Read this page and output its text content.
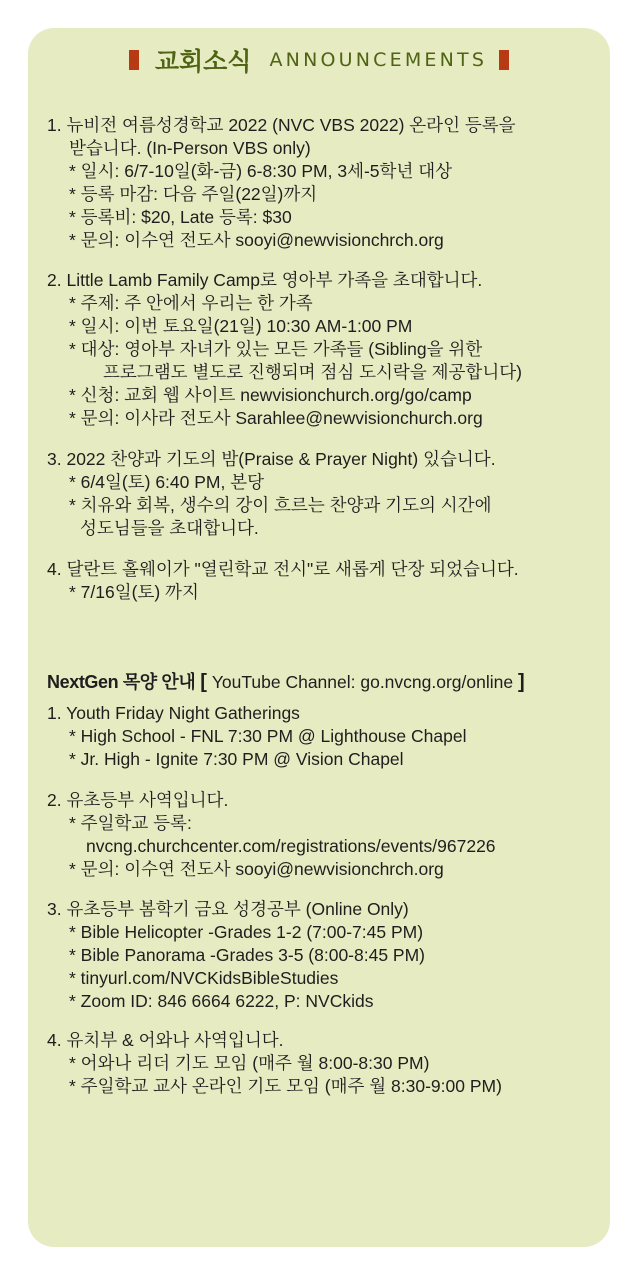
교회소식 ANNOUNCEMENTS
1. 뉴비전 여름성경학교 2022 (NVC VBS 2022) 온라인 등록을
받습니다. (In-Person VBS only)
* 일시: 6/7-10일(화-금) 6-8:30 PM, 3세-5학년 대상
* 등록 마감: 다음 주일(22일)까지
* 등록비: $20, Late 등록: $30
* 문의: 이수연 전도사 sooyi@newvisionchrch.org
2. Little Lamb Family Camp로 영아부 가족을 초대합니다.
* 주제: 주 안에서 우리는 한 가족
* 일시: 이번 토요일(21일) 10:30 AM-1:00 PM
* 대상: 영아부 자녀가 있는 모든 가족들 (Sibling을 위한
프로그램도 별도로 진행되며 점심 도시락을 제공합니다)
* 신청: 교회 웹 사이트 newvisionchurch.org/go/camp
* 문의: 이사라 전도사 Sarahlee@newvisionchurch.org
3. 2022 찬양과 기도의 밤(Praise & Prayer Night) 있습니다.
* 6/4일(토) 6:40 PM, 본당
* 치유와 회복, 생수의 강이 흐르는 찬양과 기도의 시간에
성도님들을 초대합니다.
4. 달란트 홀웨이가 "열린학교 전시"로 새롭게 단장 되었습니다.
* 7/16일(토) 까지
NextGen 목양 안내 [ YouTube Channel: go.nvcng.org/online ]
1. Youth Friday Night Gatherings
* High School - FNL 7:30 PM @ Lighthouse Chapel
* Jr. High - Ignite 7:30 PM @ Vision Chapel
2. 유초등부 사역입니다.
* 주일학교 등록:
nvcng.churchcenter.com/registrations/events/967226
* 문의: 이수연 전도사 sooyi@newvisionchrch.org
3. 유초등부 봄학기 금요 성경공부 (Online Only)
* Bible Helicopter -Grades 1-2 (7:00-7:45 PM)
* Bible Panorama -Grades 3-5 (8:00-8:45 PM)
* tinyurl.com/NVCKidsBibleStudies
* Zoom ID: 846 6664 6222, P: NVCkids
4. 유치부 & 어와나 사역입니다.
* 어와나 리더 기도 모임 (매주 월 8:00-8:30 PM)
* 주일학교 교사 온라인 기도 모임 (매주 월 8:30-9:00 PM)
